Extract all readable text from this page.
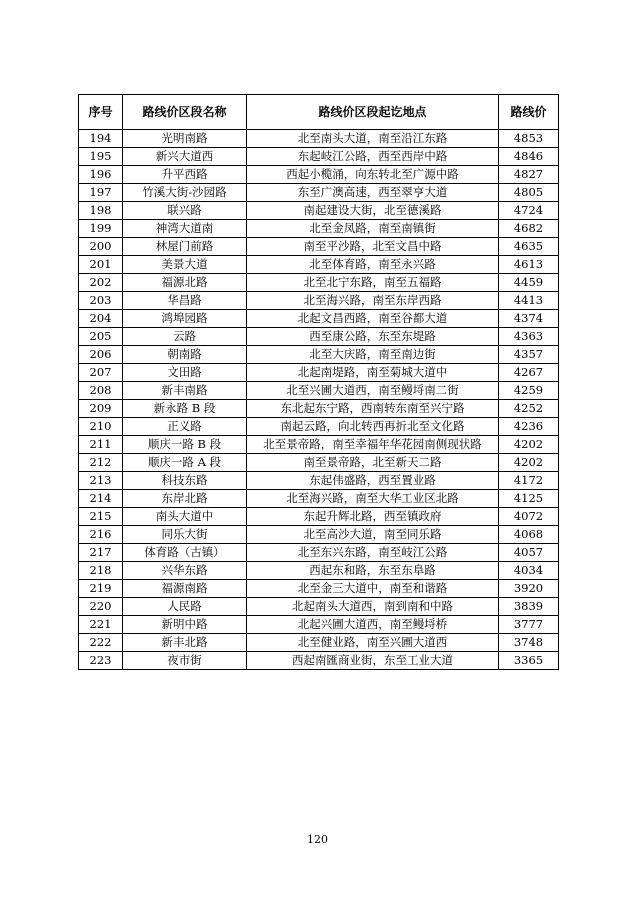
序号	路线价区段名称	路线价区段起讫地点	路线价
194	光明南路	北至南头大道，南至沿江东路	4853
195	新兴大道西	东起岐江公路，西至西岸中路	4846
196	升平西路	西起小榄涌，向东转北至广源中路	4827
197	竹溪大街-沙园路	东至广澳高速，西至翠亨大道	4805
198	联兴路	南起建设大街，北至德溪路	4724
199	神湾大道南	北至金凤路，南至南镇街	4682
200	林屋门前路	南至平沙路，北至文昌中路	4635
201	美景大道	北至体育路，南至永兴路	4613
202	福源北路	北至北宁东路，南至五福路	4459
203	华昌路	北至海兴路，南至东岸西路	4413
204	鸿埠园路	北起文昌西路，南至谷都大道	4374
205	云路	西至康公路，东至东堤路	4363
206	朝南路	北至大庆路，南至南边街	4357
207	文田路	北起南堤路，南至菊城大道中	4267
208	新丰南路	北至兴圃大道西，南至鳗埒南二街	4259
209	新永路 B 段	东北起东宁路，西南转东南至兴宁路	4252
210	正义路	南起云路，向北转西再折北至文化路	4236
211	顺庆一路 B 段	北至景帝路，南至幸福年华花园南侧现状路	4202
212	顺庆一路 A 段	南至景帝路，北至新天二路	4202
213	科技东路	东起伟盛路，西至置业路	4172
214	东岸北路	北至海兴路，南至大华工业区北路	4125
215	南头大道中	东起升辉北路，西至镇政府	4072
216	同乐大街	北至高沙大道，南至同乐路	4068
217	体育路（古镇）	北至东兴东路，南至岐江公路	4057
218	兴华东路	西起东和路，东至东阜路	4034
219	福源南路	北至金三大道中，南至和谐路	3920
220	人民路	北起南头大道西，南到南和中路	3839
221	新明中路	北起兴圃大道西，南至鳗埒桥	3777
222	新丰北路	北至健业路，南至兴圃大道西	3748
223	夜市街	西起南匯商业街，东至工业大道	3365
120
